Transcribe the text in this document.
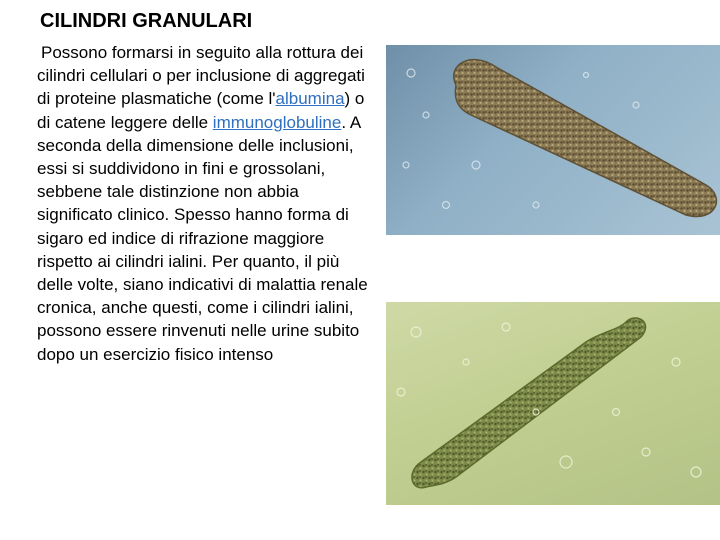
CILINDRI GRANULARI

Possono formarsi in seguito alla rottura dei cilindri cellulari o per inclusione di aggregati di proteine plasmatiche (come l'albumina) o di catene leggere delle immunoglobuline. A seconda della dimensione delle inclusioni, essi si suddividono in fini e grossolani, sebbene tale distinzione non abbia significato clinico. Spesso hanno forma di sigaro ed indice di rifrazione maggiore rispetto ai cilindri ialini. Per quanto, il più delle volte, siano indicativi di malattia renale cronica, anche questi, come i cilindri ialini, possono essere rinvenuti nelle urine subito dopo un esercizio fisico intenso
